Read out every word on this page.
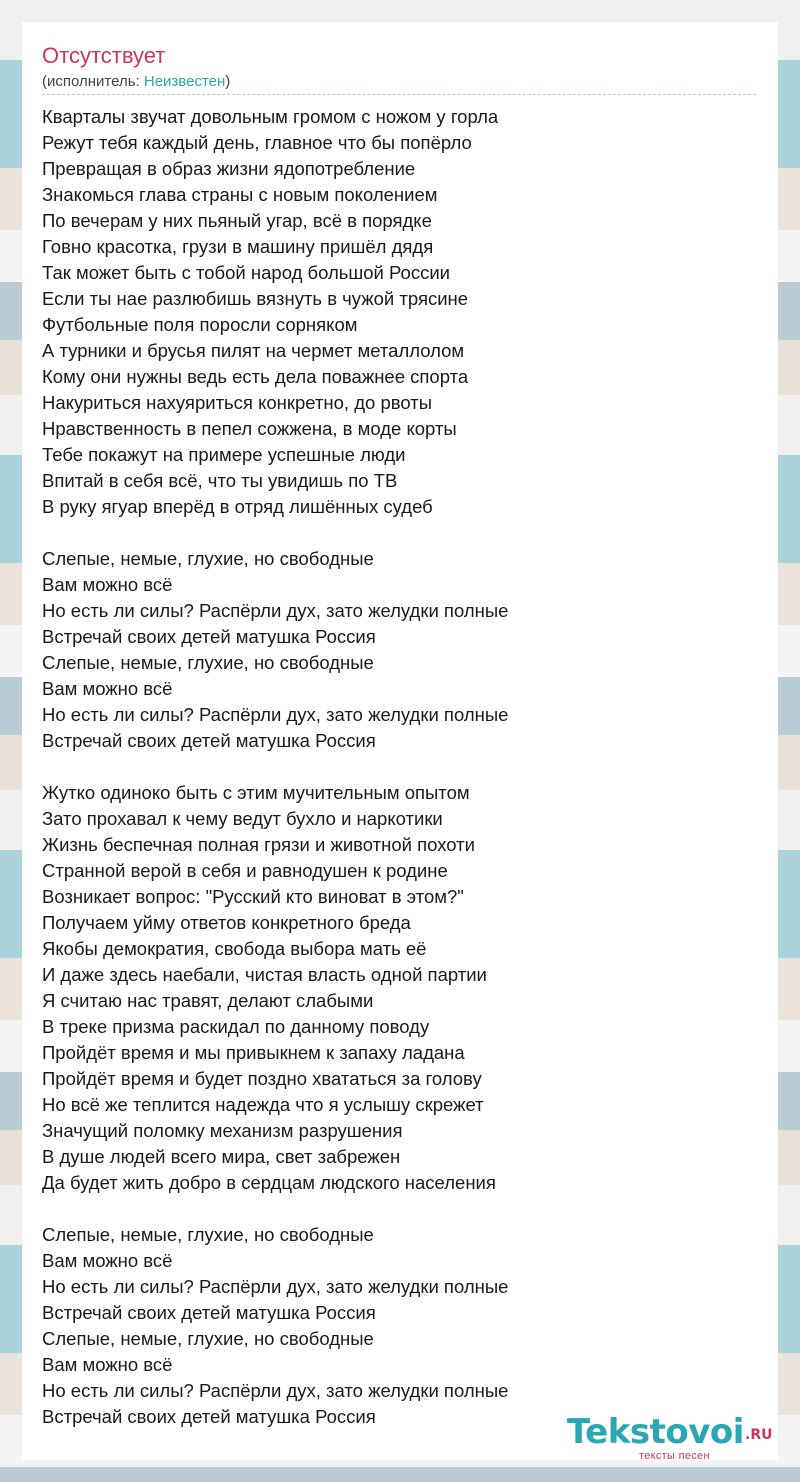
Отсутствует
(исполнитель: Неизвестен)
Кварталы звучат довольным громом с ножом у горла
Режут тебя каждый день, главное что бы попёрло
Превращая в образ жизни ядопотребление
Знакомься глава страны с новым поколением
По вечерам у них пьяный угар, всё в порядке
Говно красотка, грузи в машину пришёл дядя
Так может быть с тобой народ большой России
Если ты нае разлюбишь вязнуть в чужой трясине
Футбольные поля поросли сорняком
А турники и брусья пилят на чермет металлолом
Кому они нужны ведь есть дела поважнее спорта
Накуриться нахуяриться конкретно, до рвоты
Нравственность в пепел сожжена, в моде корты
Тебе покажут на примере успешные люди
Впитай в себя всё, что ты увидишь по ТВ
В руку ягуар вперёд в отряд лишённых судеб
Слепые, немые, глухие, но свободные
Вам можно всё
Но есть ли силы? Распёрли дух, зато желудки полные
Встречай своих детей матушка Россия
Слепые, немые, глухие, но свободные
Вам можно всё
Но есть ли силы? Распёрли дух, зато желудки полные
Встречай своих детей матушка Россия
Жутко одиноко быть с этим мучительным опытом
Зато прохавал к чему ведут бухло и наркотики
Жизнь беспечная полная грязи и животной похоти
Странной верой в себя и равнодушен к родине
Возникает вопрос: "Русский кто виноват в этом?"
Получаем уйму ответов конкретного бреда
Якобы демократия, свобода выбора мать её
И даже здесь наебали, чистая власть одной партии
Я считаю нас травят, делают слабыми
В треке призма раскидал по данному поводу
Пройдёт время и мы привыкнем к запаху ладана
Пройдёт время и будет поздно хвататься за голову
Но всё же теплится надежда что я услышу скрежет
Значущий поломку механизм разрушения
В душе людей всего мира, свет забрежен
Да будет жить добро в сердцам людского населения
Слепые, немые, глухие, но свободные
Вам можно всё
Но есть ли силы? Распёрли дух, зато желудки полные
Встречай своих детей матушка Россия
Слепые, немые, глухие, но свободные
Вам можно всё
Но есть ли силы? Распёрли дух, зато желудки полные
Встречай своих детей матушка Россия	Tekstovoi .RU
тексты песен
